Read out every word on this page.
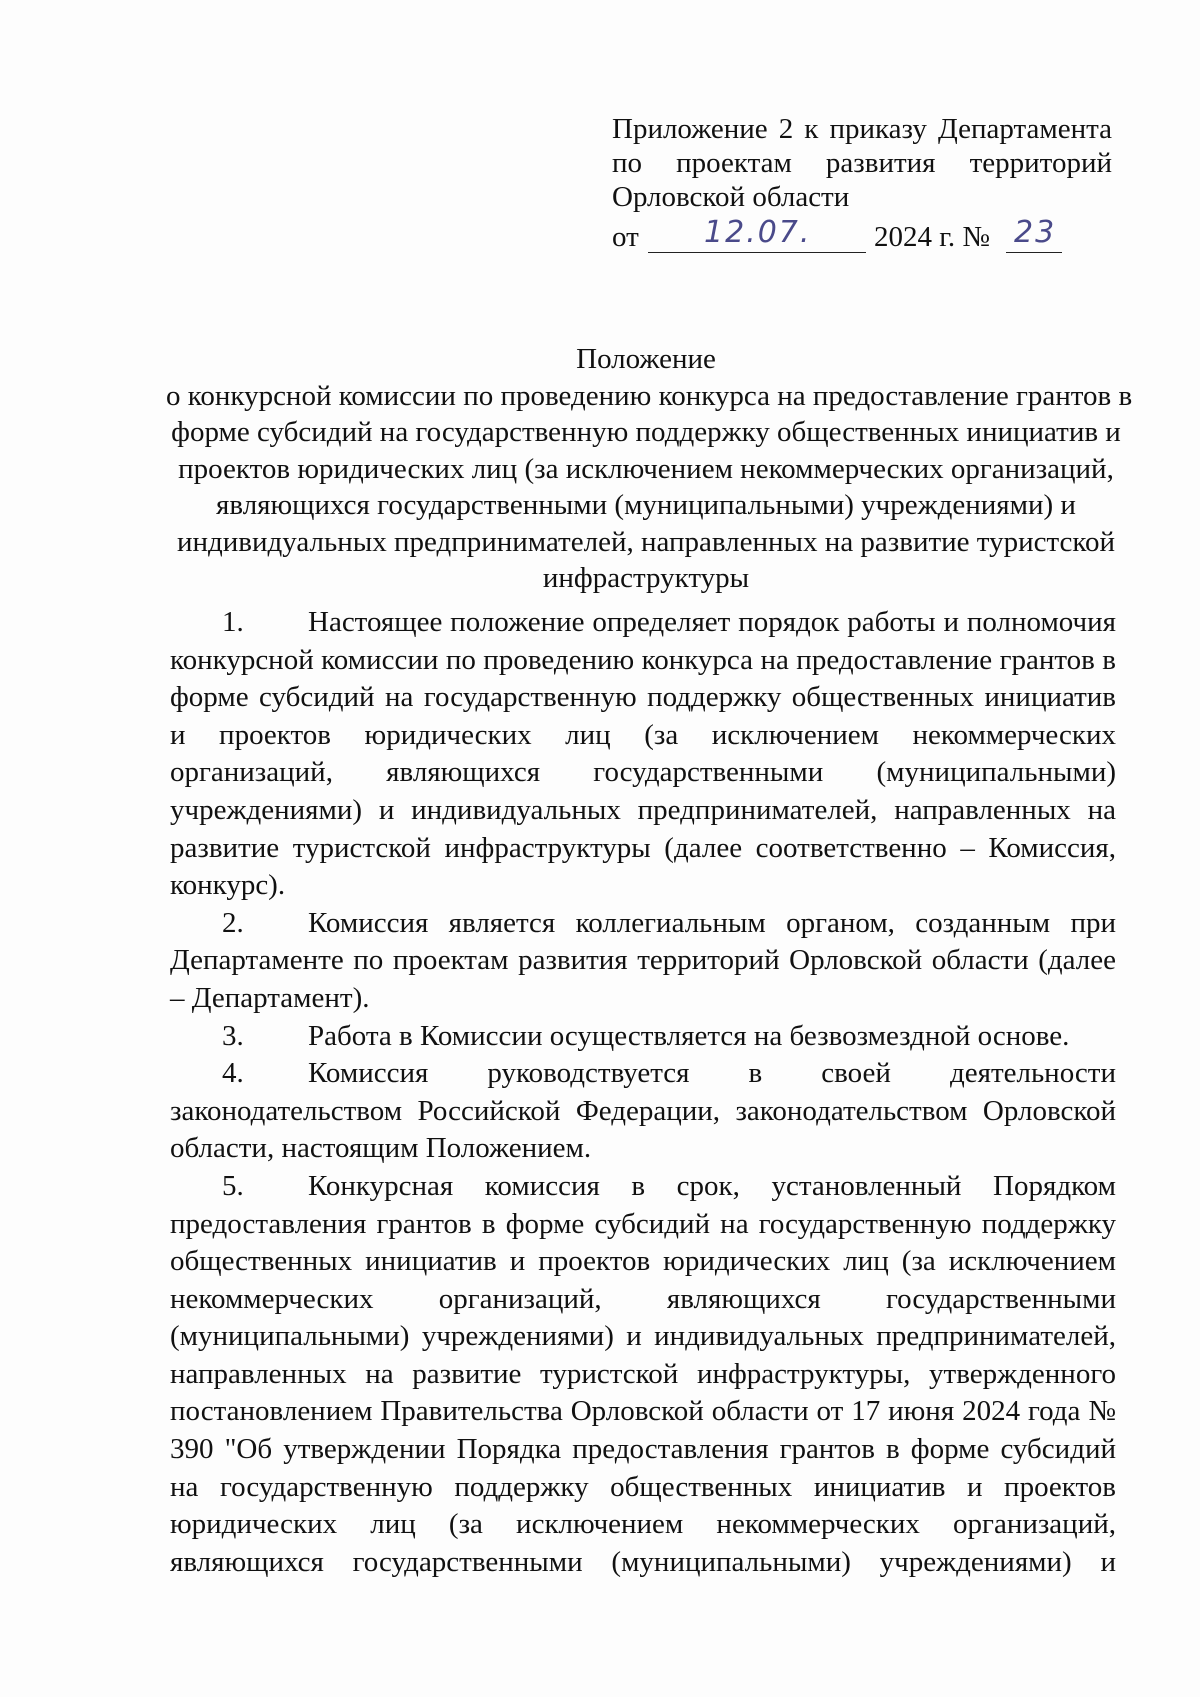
Приложение 2 к приказу Департамента
по проектам развития территорий
Орловской области
от 12.07. 2024 г. № 23
Положение
о конкурсной комиссии по проведению конкурса на предоставление грантов в
форме субсидий на государственную поддержку общественных инициатив и
проектов юридических лиц (за исключением некоммерческих организаций,
являющихся государственными (муниципальными) учреждениями) и
индивидуальных предпринимателей, направленных на развитие туристской
инфраструктуры

1. Настоящее положение определяет порядок работы и полномочия конкурсной комиссии по проведению конкурса на предоставление грантов в форме субсидий на государственную поддержку общественных инициатив и проектов юридических лиц (за исключением некоммерческих организаций, являющихся государственными (муниципальными) учреждениями) и индивидуальных предпринимателей, направленных на развитие туристской инфраструктуры (далее соответственно – Комиссия, конкурс).

2. Комиссия является коллегиальным органом, созданным при Департаменте по проектам развития территорий Орловской области (далее – Департамент).

3. Работа в Комиссии осуществляется на безвозмездной основе.

4. Комиссия руководствуется в своей деятельности законодательством Российской Федерации, законодательством Орловской области, настоящим Положением.

5. Конкурсная комиссия в срок, установленный Порядком предоставления грантов в форме субсидий на государственную поддержку общественных инициатив и проектов юридических лиц (за исключением некоммерческих организаций, являющихся государственными (муниципальными) учреждениями) и индивидуальных предпринимателей, направленных на развитие туристской инфраструктуры, утвержденного постановлением Правительства Орловской области от 17 июня 2024 года № 390 "Об утверждении Порядка предоставления грантов в форме субсидий на государственную поддержку общественных инициатив и проектов юридических лиц (за исключением некоммерческих организаций, являющихся государственными (муниципальными) учреждениями) и
